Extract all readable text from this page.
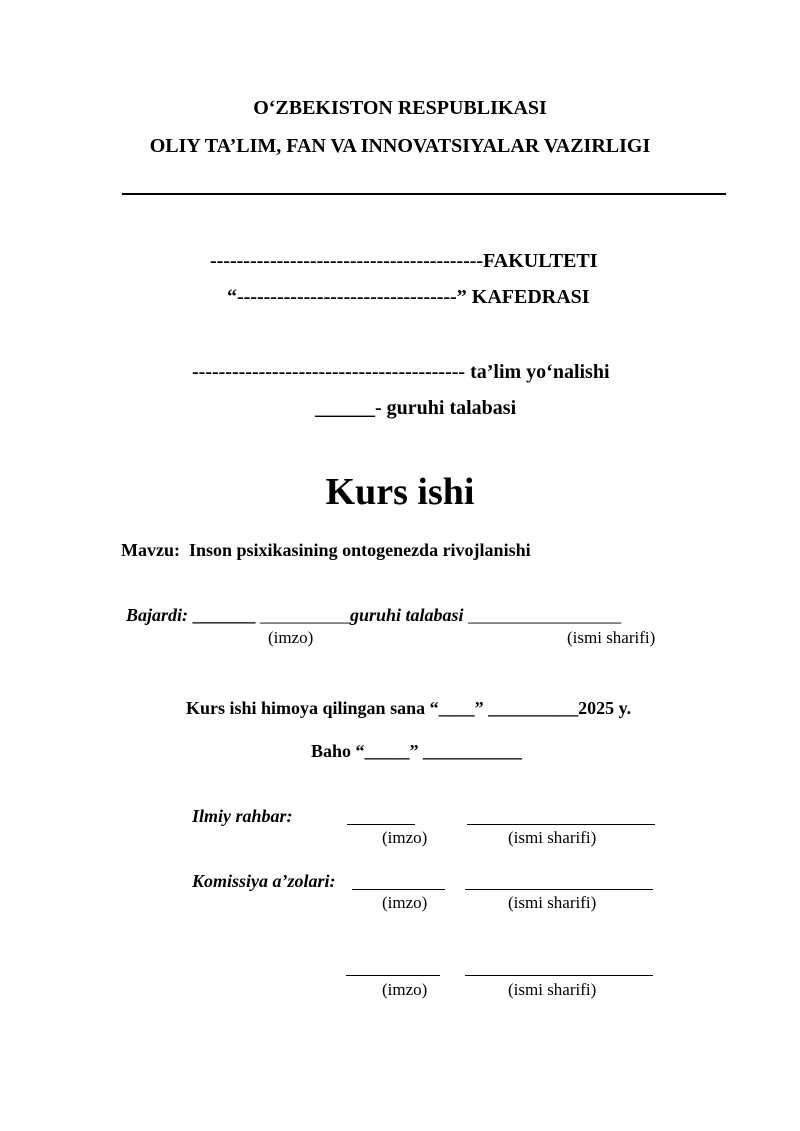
O‘ZBEKISTON RESPUBLIKASI
OLIY TA’LIM, FAN VA INNOVATSIYALAR VAZIRLIGI
-----------------------------------------FAKULTETI
“---------------------------------” KAFEDRASI
----------------------------------------- ta’lim yo‘nalishi
______- guruhi talabasi
Kurs ishi
Mavzu: Inson psixikasining ontogenezda rivojlanishi
Bajardi: _______ __________guruhi talabasi _________________
(imzo)	(ismi sharifi)
Kurs ishi himoya qilingan sana “____” __________2025 y.
Baho “_____” ___________
Ilmiy rahbar:
(imzo)	(ismi sharifi)
Komissiya a’zolari:
(imzo)	(ismi sharifi)
(imzo)	(ismi sharifi)
